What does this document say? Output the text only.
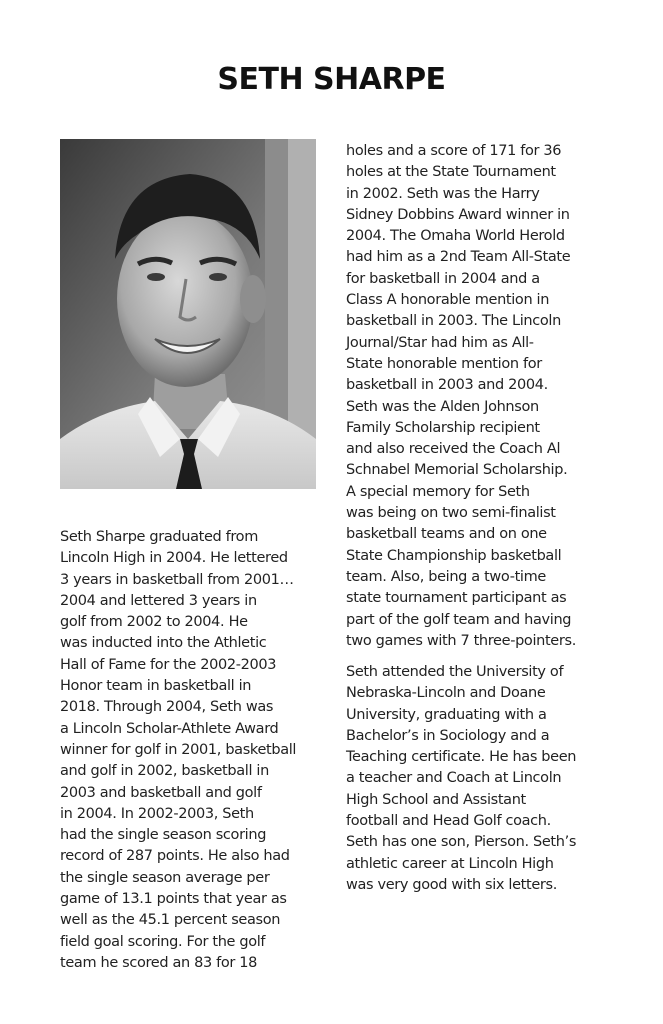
SETH SHARPE

Seth Sharpe graduated from
Lincoln High in 2004. He lettered
3 years in basketball from 2001…
2004 and lettered 3 years in
golf from 2002 to 2004. He
was inducted into the Athletic
Hall of Fame for the 2002-2003
Honor team in basketball in
2018. Through 2004, Seth was
a Lincoln Scholar-Athlete Award
winner for golf in 2001, basketball
and golf in 2002, basketball in
2003 and basketball and golf
in 2004. In 2002-2003, Seth
had the single season scoring
record of 287 points. He also had
the single season average per
game of 13.1 points that year as
well as the 45.1 percent season
field goal scoring. For the golf
team he scored an 83 for 18

holes and a score of 171 for 36
holes at the State Tournament
in 2002. Seth was the Harry
Sidney Dobbins Award winner in
2004. The Omaha World Herold
had him as a 2nd Team All-State
for basketball in 2004 and a
Class A honorable mention in
basketball in 2003. The Lincoln
Journal/Star had him as All-
State honorable mention for
basketball in 2003 and 2004.
Seth was the Alden Johnson
Family Scholarship recipient
and also received the Coach Al
Schnabel Memorial Scholarship.
A special memory for Seth
was being on two semi-finalist
basketball teams and on one
State Championship basketball
team. Also, being a two-time
state tournament participant as
part of the golf team and having
two games with 7 three-pointers.

Seth attended the University of
Nebraska-Lincoln and Doane
University, graduating with a
Bachelor’s in Sociology and a
Teaching certificate. He has been
a teacher and Coach at Lincoln
High School and Assistant
football and Head Golf coach.
Seth has one son, Pierson. Seth’s
athletic career at Lincoln High
was very good with six letters.
